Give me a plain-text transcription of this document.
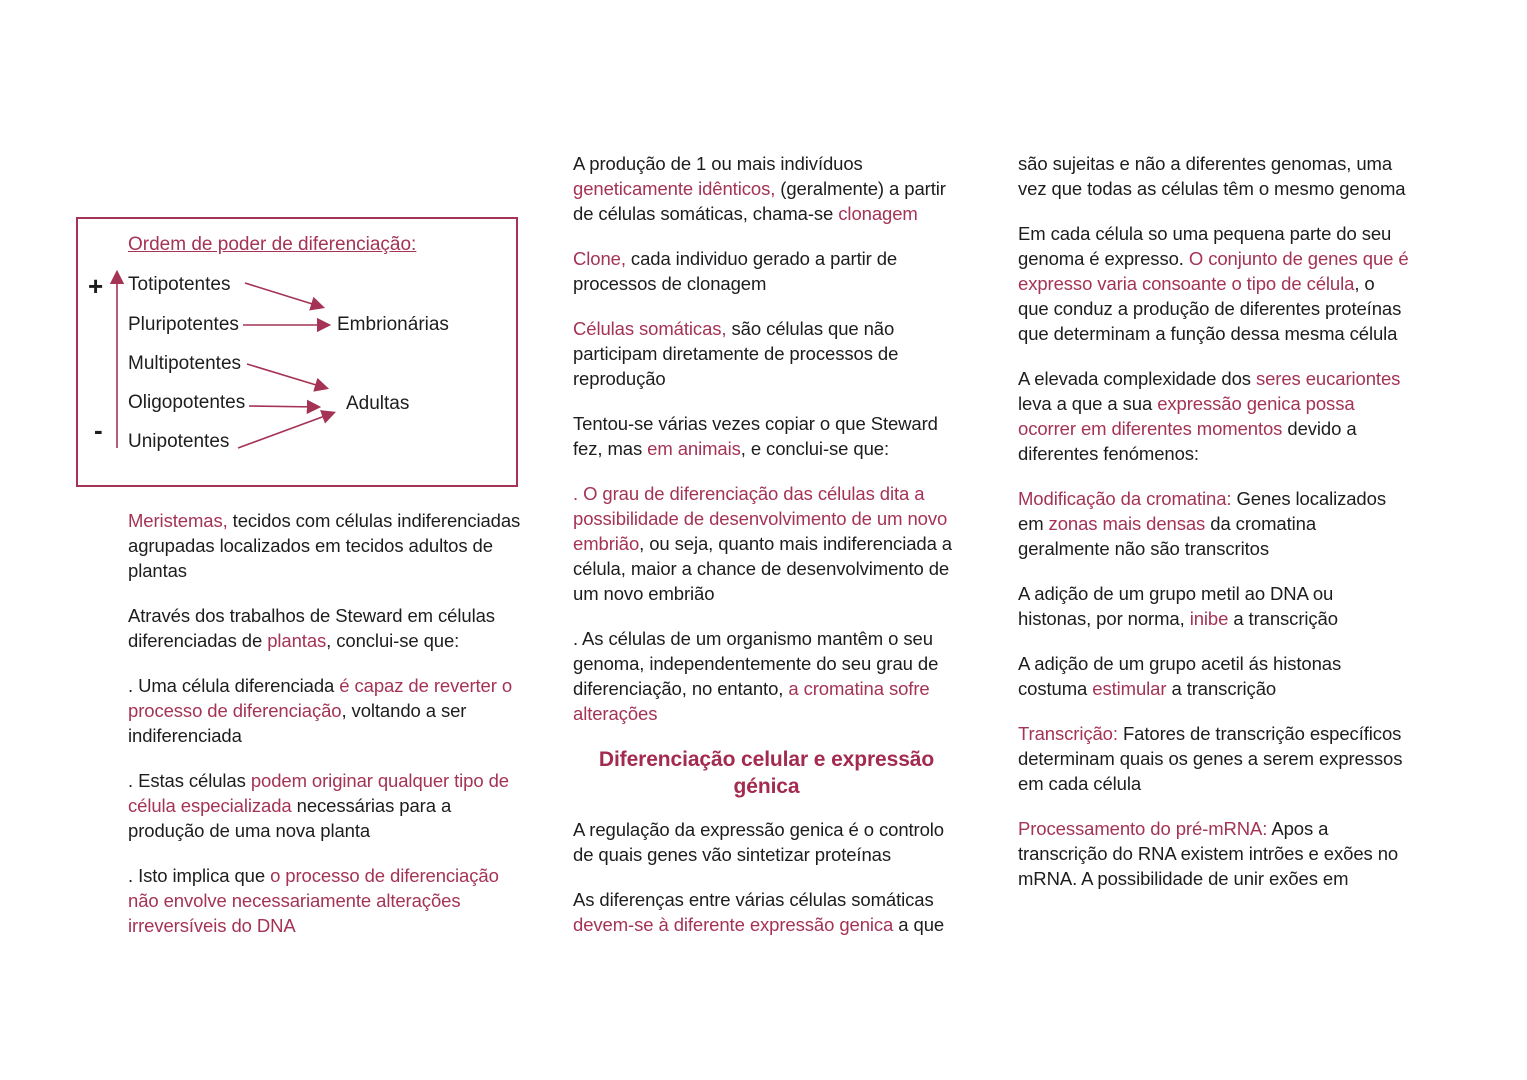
Ordem de poder de diferenciação:
+
-
Totipotentes
Pluripotentes
Multipotentes
Oligopotentes
Unipotentes
Embrionárias
Adultas

Meristemas, tecidos com células indiferenciadas agrupadas localizados em tecidos adultos de plantas

Através dos trabalhos de Steward em células diferenciadas de plantas, conclui-se que:

. Uma célula diferenciada é capaz de reverter o processo de diferenciação, voltando a ser indiferenciada

. Estas células podem originar qualquer tipo de célula especializada necessárias para a produção de uma nova planta

. Isto implica que o processo de diferenciação não envolve necessariamente alterações irreversíveis do DNA

A produção de 1 ou mais indivíduos geneticamente idênticos, (geralmente) a partir de células somáticas, chama-se clonagem

Clone, cada individuo gerado a partir de processos de clonagem

Células somáticas, são células que não participam diretamente de processos de reprodução

Tentou-se várias vezes copiar o que Steward fez, mas em animais, e conclui-se que:

. O grau de diferenciação das células dita a possibilidade de desenvolvimento de um novo embrião, ou seja, quanto mais indiferenciada a célula, maior a chance de desenvolvimento de um novo embrião

. As células de um organismo mantêm o seu genoma, independentemente do seu grau de diferenciação, no entanto, a cromatina sofre alterações

Diferenciação celular e expressão génica

A regulação da expressão genica é o controlo de quais genes vão sintetizar proteínas

As diferenças entre várias células somáticas devem-se à diferente expressão genica a que

são sujeitas e não a diferentes genomas, uma vez que todas as células têm o mesmo genoma

Em cada célula so uma pequena parte do seu genoma é expresso. O conjunto de genes que é expresso varia consoante o tipo de célula, o que conduz a produção de diferentes proteínas que determinam a função dessa mesma célula

A elevada complexidade dos seres eucariontes leva a que a sua expressão genica possa ocorrer em diferentes momentos devido a diferentes fenómenos:

Modificação da cromatina: Genes localizados em zonas mais densas da cromatina geralmente não são transcritos

A adição de um grupo metil ao DNA ou histonas, por norma, inibe a transcrição

A adição de um grupo acetil ás histonas costuma estimular a transcrição

Transcrição: Fatores de transcrição específicos determinam quais os genes a serem expressos em cada célula

Processamento do pré-mRNA: Apos a transcrição do RNA existem intrões e exões no mRNA. A possibilidade de unir exões em
